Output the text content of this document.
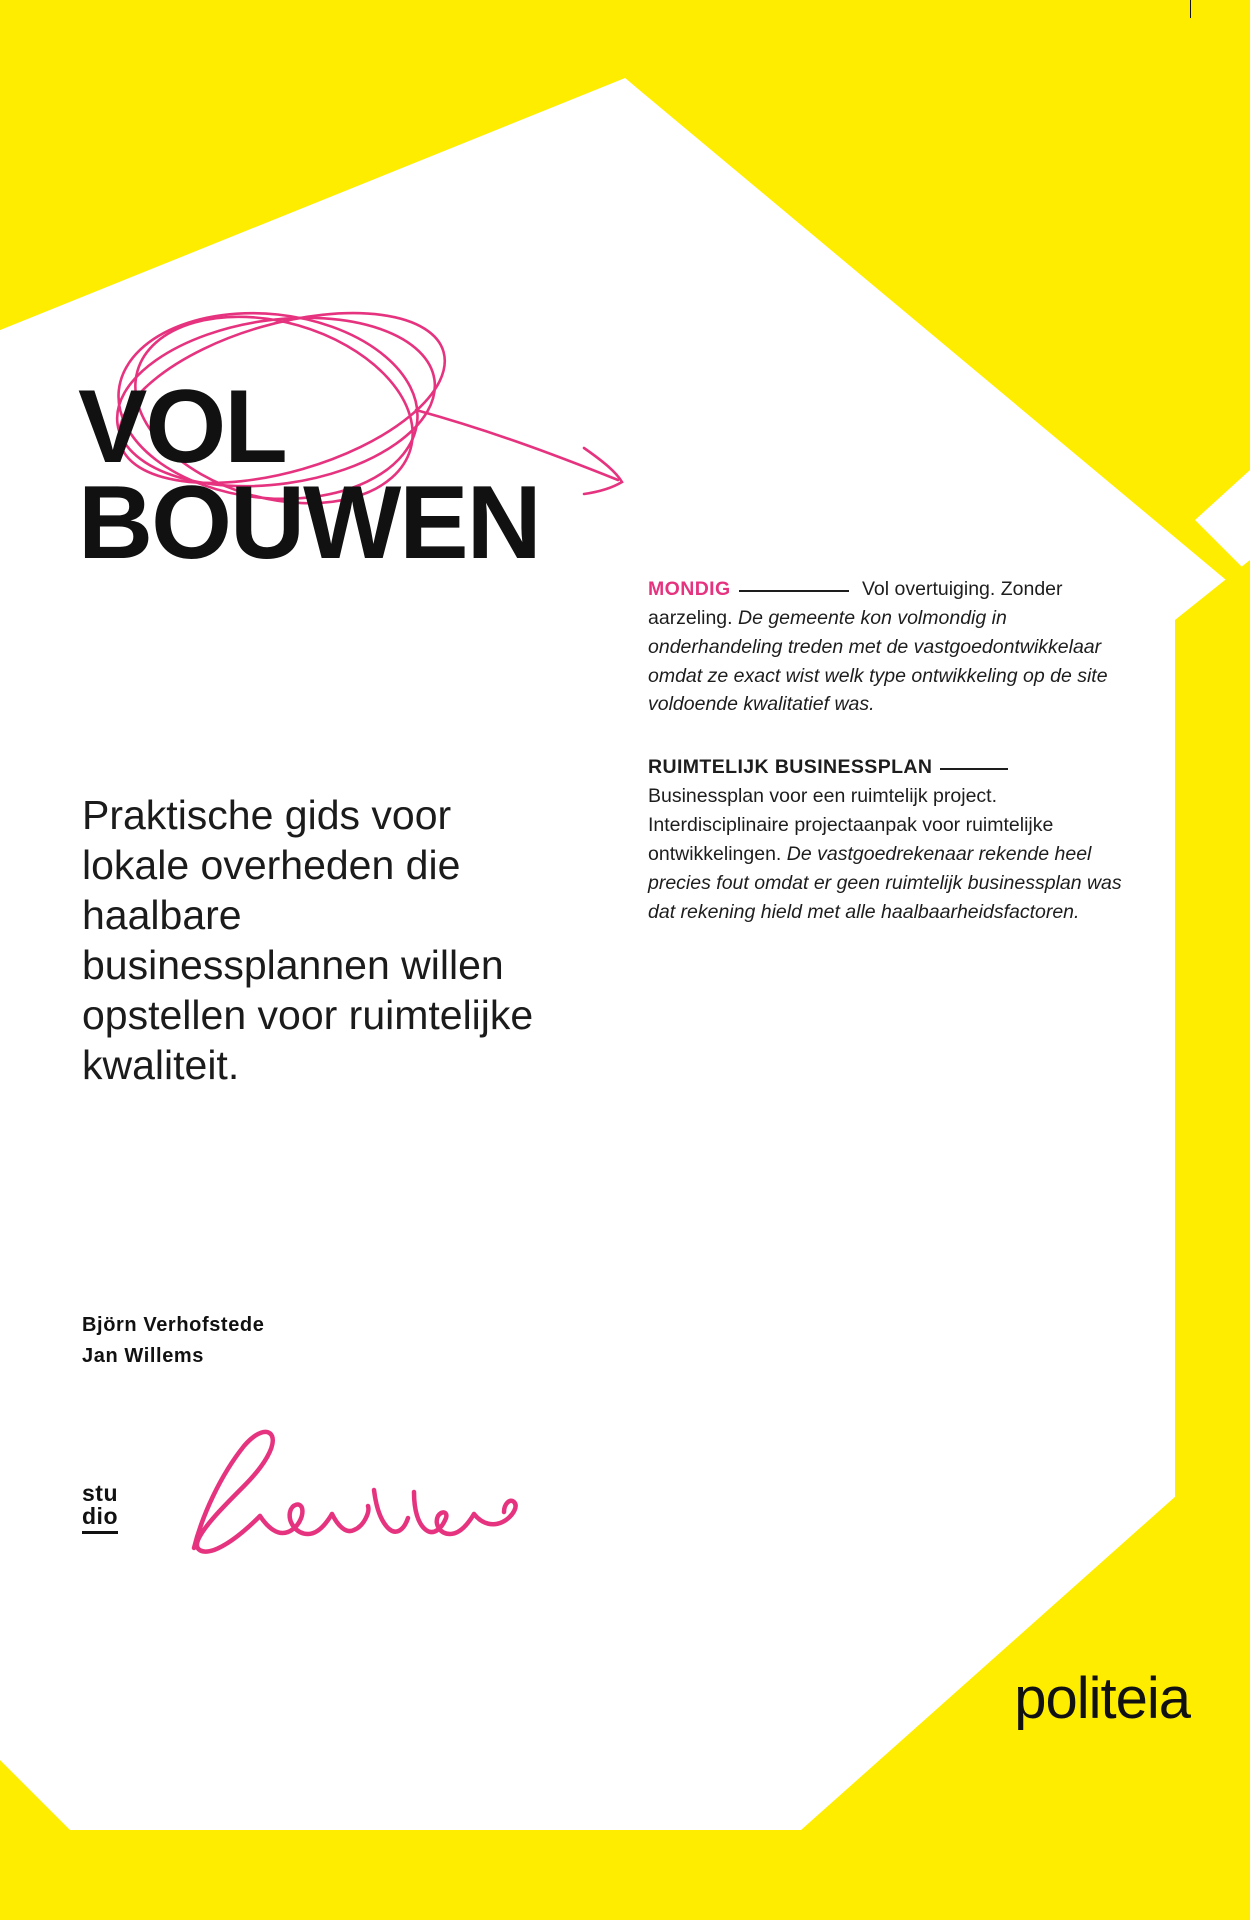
VOL
BOUWEN
Praktische gids voor lokale overheden die haalbare businessplannen willen opstellen voor ruimtelijke kwaliteit.
MONDIG	Vol overtuiging. Zonder aarzeling. De gemeente kon volmondig in onderhandeling treden met de vastgoedontwikkelaar omdat ze exact wist welk type ontwikkeling op de site voldoende kwalitatief was.
RUIMTELIJK BUSINESSPLAN Businessplan voor een ruimtelijk project. Interdisciplinaire projectaanpak voor ruimtelijke ontwikkelingen. De vastgoedrekenaar rekende heel precies fout omdat er geen ruimtelijk businessplan was dat rekening hield met alle haalbaarheidsfactoren.
Björn Verhofstede
Jan Willems
stu
dio
politeia
